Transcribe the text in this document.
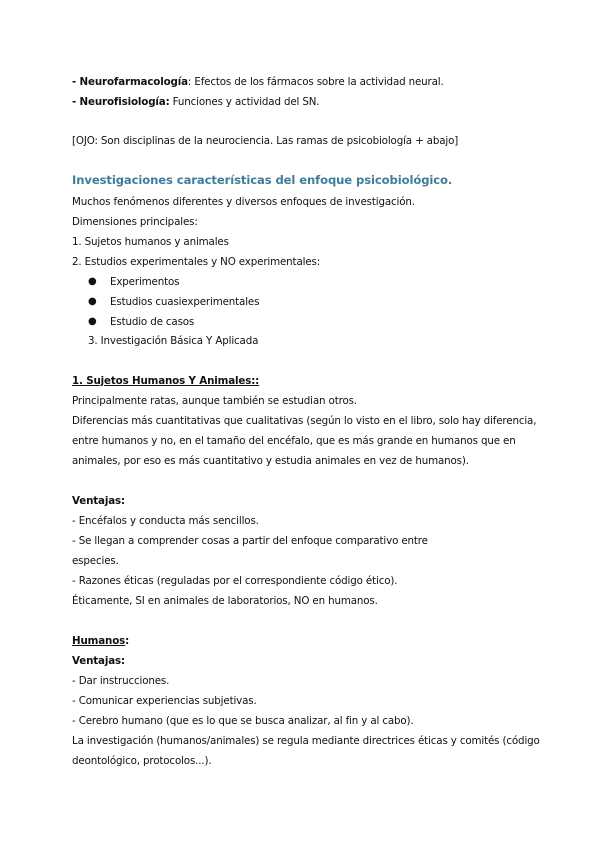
- Neurofarmacología: Efectos de los fármacos sobre la actividad neural.
- Neurofisiología: Funciones y actividad del SN.
[OJO: Son disciplinas de la neurociencia. Las ramas de psicobiología + abajo]
Investigaciones características del enfoque psicobiológico.
Muchos fenómenos diferentes y diversos enfoques de investigación.
Dimensiones principales:
1. Sujetos humanos y animales
2. Estudios experimentales y NO experimentales:
● Experimentos
● Estudios cuasiexperimentales
● Estudio de casos
3. Investigación Básica Y Aplicada
1. Sujetos Humanos Y Animales::
Principalmente ratas, aunque también se estudian otros.
Diferencias más cuantitativas que cualitativas (según lo visto en el libro, solo hay diferencia,
entre humanos y no, en el tamaño del encéfalo, que es más grande en humanos que en
animales, por eso es más cuantitativo y estudia animales en vez de humanos).
Ventajas:
- Encéfalos y conducta más sencillos.
- Se llegan a comprender cosas a partir del enfoque comparativo entre
especies.
- Razones éticas (reguladas por el correspondiente código ético).
Éticamente, SI en animales de laboratorios, NO en humanos.
Humanos:
Ventajas:
- Dar instrucciones.
- Comunicar experiencias subjetivas.
- Cerebro humano (que es lo que se busca analizar, al fin y al cabo).
La investigación (humanos/animales) se regula mediante directrices éticas y comités (código
deontológico, protocolos...).
